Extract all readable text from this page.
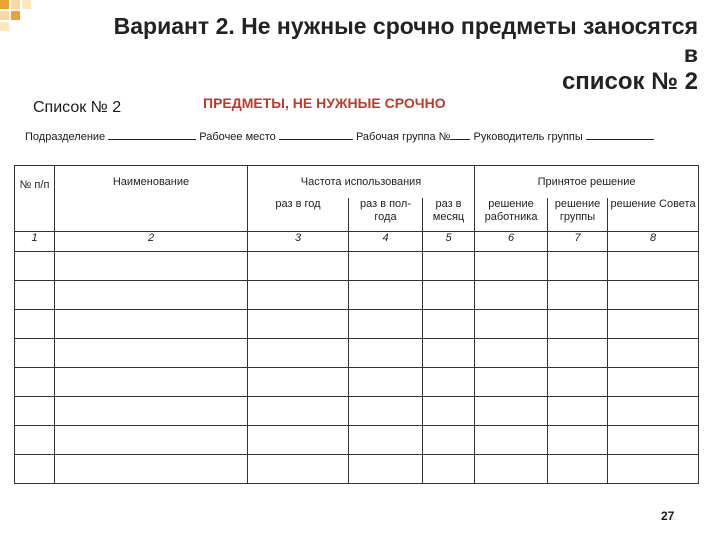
Вариант 2. Не нужные срочно предметы заносятся
в
список № 2
Список № 2	ПРЕДМЕТЫ, НЕ НУЖНЫЕ СРОЧНО
Подразделение	Рабочее место	Рабочая группа № Руководитель группы
№ п/п	Наименование	Частота использования			Принятое решение		
		раз в год	раз в пол-года	раз в месяц	решение работника	решение группы	решение Совета
1	2	3	4	5	6	7	8

27
